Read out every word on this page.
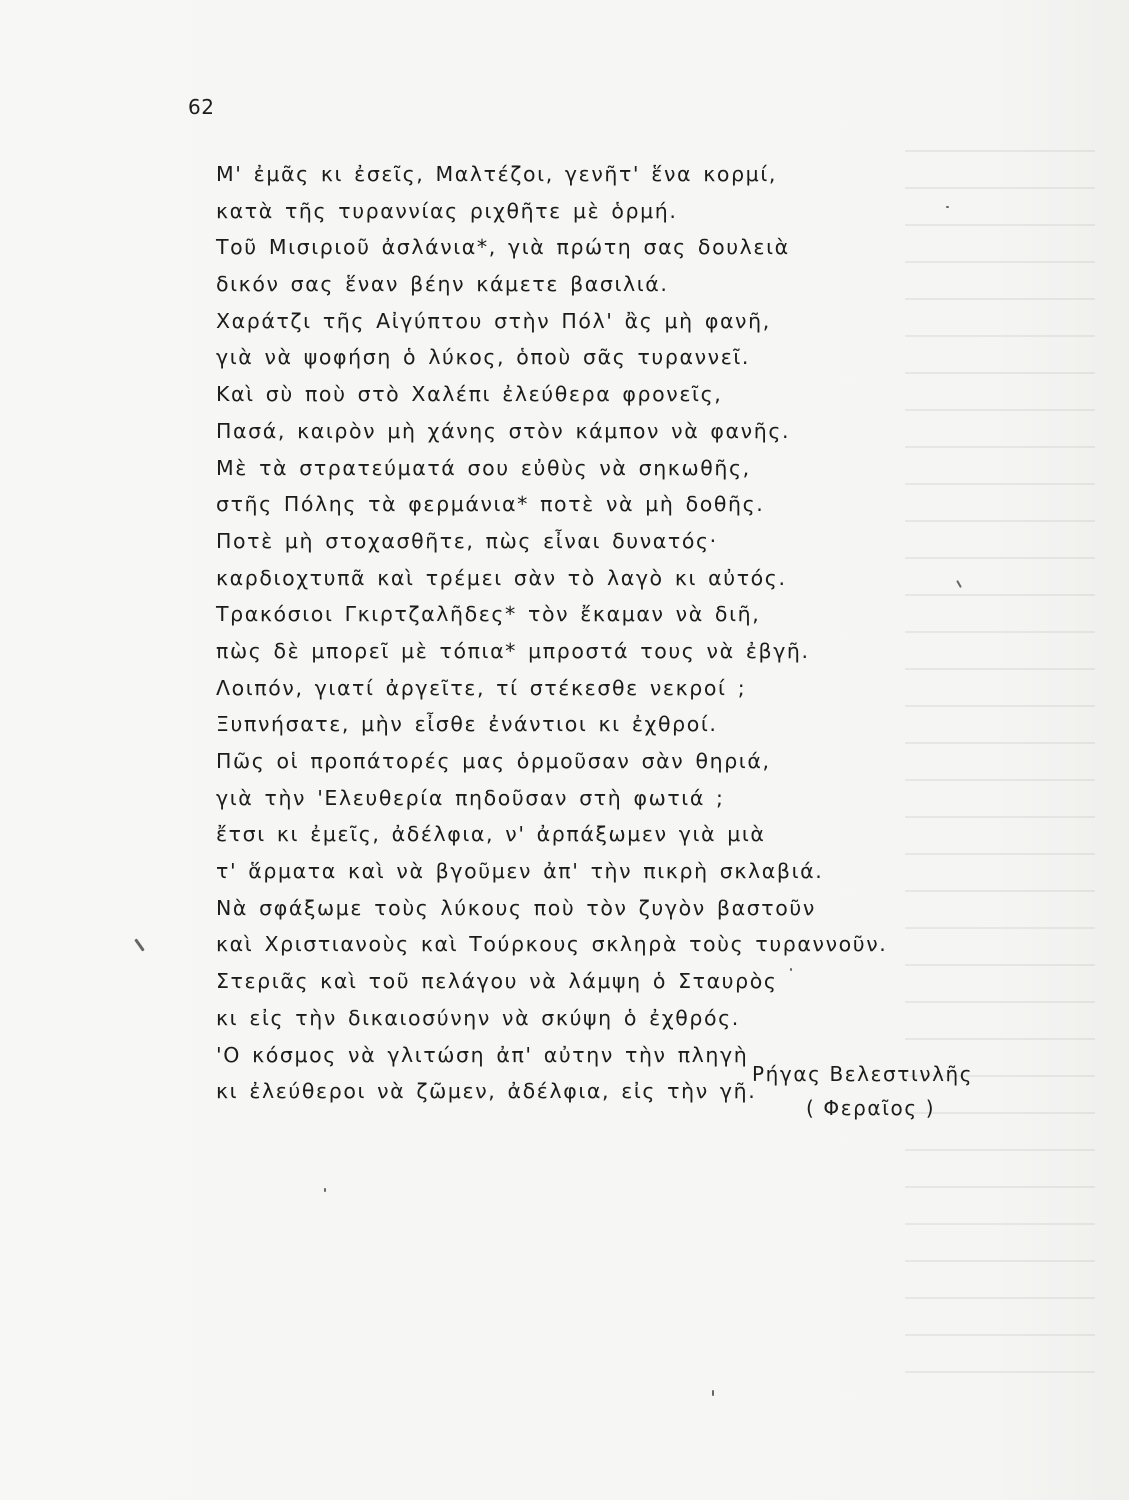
62
Μ' ἐμᾶς κι ἐσεῖς, Μαλτέζοι, γενῆτ' ἕνα κορμί,
κατὰ τῆς τυραννίας ριχθῆτε μὲ ὁρμή.
Τοῦ Μισιριοῦ ἀσλάνια*, γιὰ πρώτη σας δουλειὰ
δικόν σας ἕναν βέην κάμετε βασιλιά.
Χαράτζι τῆς Αἰγύπτου στὴν Πόλ' ἂς μὴ φανῆ,
γιὰ νὰ ψοφήση ὁ λύκος, ὁποὺ σᾶς τυραννεῖ.
Καὶ σὺ ποὺ στὸ Χαλέπι ἐλεύθερα φρονεῖς,
Πασά, καιρὸν μὴ χάνης στὸν κάμπον νὰ φανῆς.
Μὲ τὰ στρατεύματά σου εὐθὺς νὰ σηκωθῆς,
στῆς Πόλης τὰ φερμάνια* ποτὲ νὰ μὴ δοθῆς.
Ποτὲ μὴ στοχασθῆτε, πὼς εἶναι δυνατός·
καρδιοχτυπᾶ καὶ τρέμει σὰν τὸ λαγὸ κι αὐτός.
Τρακόσιοι Γκιρτζαλῆδες* τὸν ἔκαμαν νὰ διῆ,
πὼς δὲ μπορεῖ μὲ τόπια* μπροστά τους νὰ ἐβγῆ.
Λοιπόν, γιατί ἀργεῖτε, τί στέκεσθε νεκροί ;
Ξυπνήσατε, μὴν εἶσθε ἐνάντιοι κι ἐχθροί.
Πῶς οἱ προπάτορές μας ὁρμοῦσαν σὰν θηριά,
γιὰ τὴν 'Ελευθερία πηδοῦσαν στὴ φωτιά ;
ἔτσι κι ἐμεῖς, ἀδέλφια, ν' ἀρπάξωμεν γιὰ μιὰ
τ' ἅρματα καὶ νὰ βγοῦμεν ἀπ' τὴν πικρὴ σκλαβιά.
Νὰ σφάξωμε τοὺς λύκους ποὺ τὸν ζυγὸν βαστοῦν
καὶ Χριστιανοὺς καὶ Τούρκους σκληρὰ τοὺς τυραννοῦν.
Στεριᾶς καὶ τοῦ πελάγου νὰ λάμψη ὁ Σταυρὸς
κι εἰς τὴν δικαιοσύνην νὰ σκύψη ὁ ἐχθρός.
'Ο κόσμος νὰ γλιτώση ἀπ' αὐτην τὴν πληγὴ
κι ἐλεύθεροι νὰ ζῶμεν, ἀδέλφια, εἰς τὴν γῆ.
Ρήγας Βελεστινλῆς
( Φεραῖος )
